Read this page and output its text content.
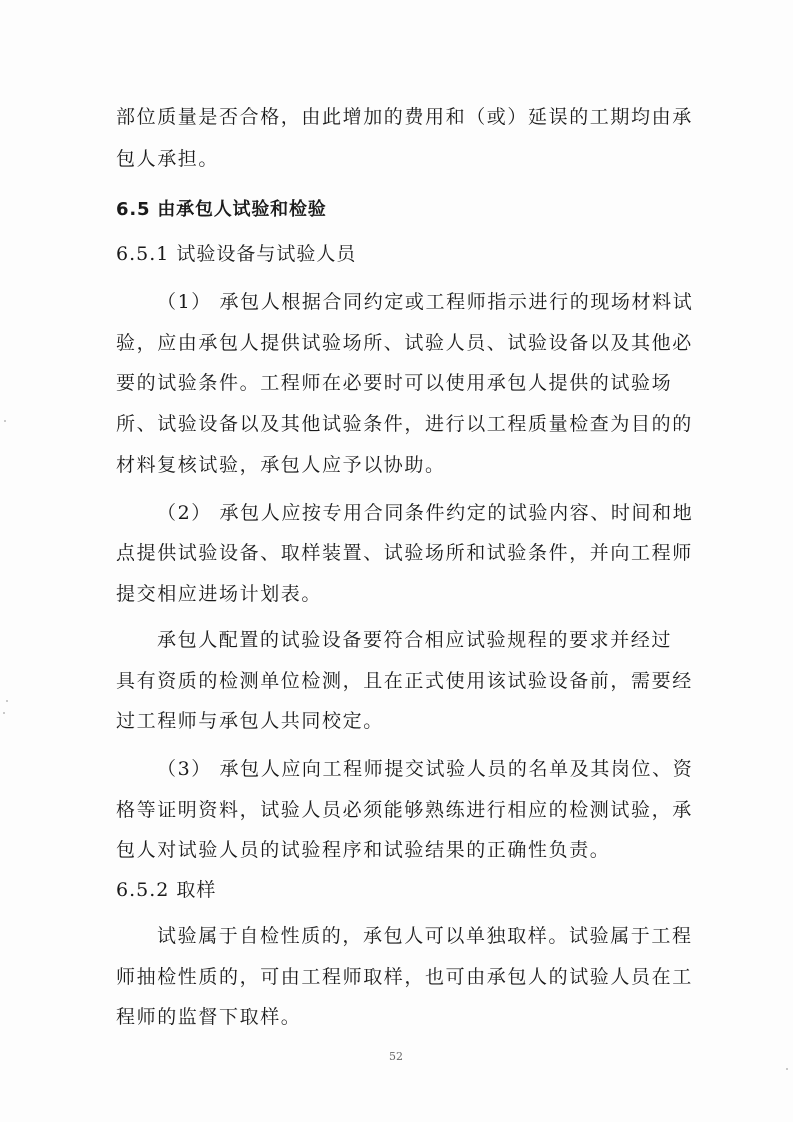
部位质量是否合格，由此增加的费用和（或）延误的工期均由承
包人承担。
6.5 由承包人试验和检验
6.5.1 试验设备与试验人员
（1） 承包人根据合同约定或工程师指示进行的现场材料试
验，应由承包人提供试验场所、试验人员、试验设备以及其他必
要的试验条件。工程师在必要时可以使用承包人提供的试验场
所、试验设备以及其他试验条件，进行以工程质量检查为目的的
材料复核试验，承包人应予以协助。
（2） 承包人应按专用合同条件约定的试验内容、时间和地
点提供试验设备、取样装置、试验场所和试验条件，并向工程师
提交相应进场计划表。
承包人配置的试验设备要符合相应试验规程的要求并经过
具有资质的检测单位检测，且在正式使用该试验设备前，需要经
过工程师与承包人共同校定。
（3） 承包人应向工程师提交试验人员的名单及其岗位、资
格等证明资料，试验人员必须能够熟练进行相应的检测试验，承
包人对试验人员的试验程序和试验结果的正确性负责。
6.5.2 取样
试验属于自检性质的，承包人可以单独取样。试验属于工程
师抽检性质的，可由工程师取样，也可由承包人的试验人员在工
程师的监督下取样。
52
